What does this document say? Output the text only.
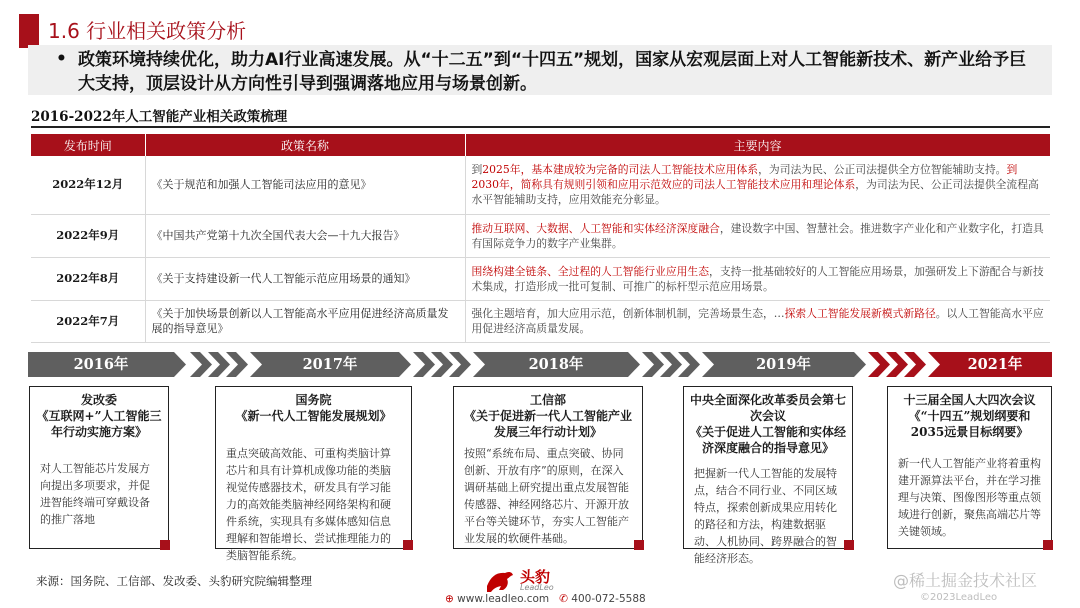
1.6 行业相关政策分析
• 政策环境持续优化，助力AI行业高速发展。从“十二五”到“十四五”规划，国家从宏观层面上对人工智能新技术、新产业给予巨大支持，顶层设计从方向性引导到强调落地应用与场景创新。
2016-2022年人工智能产业相关政策梳理
发布时间	政策名称	主要内容
2022年12月	《关于规范和加强人工智能司法应用的意见》	到2025年，基本建成较为完备的司法人工智能技术应用体系，为司法为民、公正司法提供全方位智能辅助支持。到2030年，简称具有规则引领和应用示范效应的司法人工智能技术应用和理论体系，为司法为民、公正司法提供全流程高水平智能辅助支持，应用效能充分彰显。
2022年9月	《中国共产党第十九次全国代表大会—十九大报告》	推动互联网、大数据、人工智能和实体经济深度融合，建设数字中国、智慧社会。推进数字产业化和产业数字化，打造具有国际竞争力的数字产业集群。
2022年8月	《关于支持建设新一代人工智能示范应用场景的通知》	围绕构建全链条、全过程的人工智能行业应用生态，支持一批基础较好的人工智能应用场景，加强研发上下游配合与新技术集成，打造形成一批可复制、可推广的标杆型示范应用场景。
2022年7月	《关于加快场景创新以人工智能高水平应用促进经济高质量发展的指导意见》	强化主题培育，加大应用示范，创新体制机制，完善场景生态，…探索人工智能发展新模式新路径。以人工智能高水平应用促进经济高质量发展。
2016年	2017年	2018年	2019年	2021年
发改委
《互联网+”人工智能三年行动实施方案》
对人工智能芯片发展方向提出多项要求，并促进智能终端可穿戴设备的推广落地
国务院
《新一代人工智能发展规划》
重点突破高效能、可重构类脑计算芯片和具有计算机成像功能的类脑视觉传感器技术，研发具有学习能力的高效能类脑神经网络架构和硬件系统，实现具有多媒体感知信息理解和智能增长、尝试推理能力的类脑智能系统。
工信部
《关于促进新一代人工智能产业发展三年行动计划》
按照“系统布局、重点突破、协同创新、开放有序”的原则，在深入调研基础上研究提出重点发展智能传感器、神经网络芯片、开源开放平台等关键环节，夯实人工智能产业发展的软硬件基础。
中央全面深化改革委员会第七次会议
《关于促进人工智能和实体经济深度融合的指导意见》
把握新一代人工智能的发展特点，结合不同行业、不同区域特点，探索创新成果应用转化的路径和方法，构建数据驱动、人机协同、跨界融合的智能经济形态。
十三届全国人大四次会议
《“十四五”规划纲要和2035远景目标纲要》
新一代人工智能产业将着重构建开源算法平台，并在学习推理与决策、图像图形等重点领域进行创新，聚焦高端芯片等关键领域。
来源：国务院、工信部、发改委、头豹研究院编辑整理	头豹
LeadLeo
⊕ www.leadleo.com ✆ 400-072-5588
@稀土掘金技术社区
©2023LeadLeo
